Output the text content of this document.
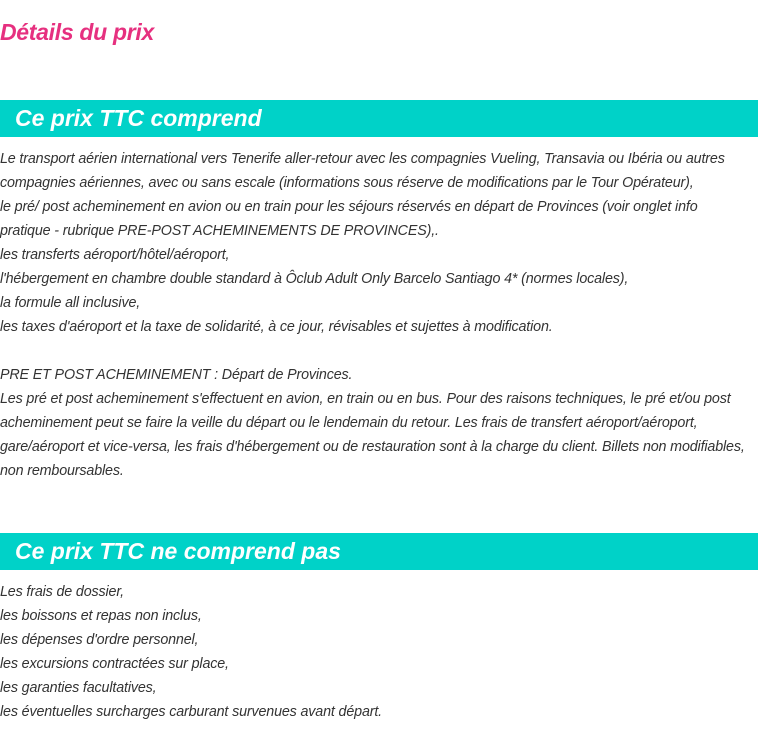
Détails du prix
Ce prix TTC comprend
Le transport aérien international vers Tenerife aller-retour avec les compagnies Vueling, Transavia ou Ibéria ou autres
compagnies aériennes, avec ou sans escale (informations sous réserve de modifications par le Tour Opérateur),
le pré/ post acheminement en avion ou en train pour les séjours réservés en départ de Provinces (voir onglet info
pratique - rubrique PRE-POST ACHEMINEMENTS DE PROVINCES),.
les transferts aéroport/hôtel/aéroport,
l'hébergement en chambre double standard à Ôclub Adult Only Barcelo Santiago 4* (normes locales),
la formule all inclusive,
les taxes d'aéroport et la taxe de solidarité, à ce jour, révisables et sujettes à modification.
PRE ET POST ACHEMINEMENT : Départ de Provinces.
Les pré et post acheminement s'effectuent en avion, en train ou en bus. Pour des raisons techniques, le pré et/ou post
acheminement peut se faire la veille du départ ou le lendemain du retour. Les frais de transfert aéroport/aéroport,
gare/aéroport et vice-versa, les frais d'hébergement ou de restauration sont à la charge du client. Billets non modifiables,
non remboursables.
Ce prix TTC ne comprend pas
Les frais de dossier,
les boissons et repas non inclus,
les dépenses d'ordre personnel,
les excursions contractées sur place,
les garanties facultatives,
les éventuelles surcharges carburant survenues avant départ.
